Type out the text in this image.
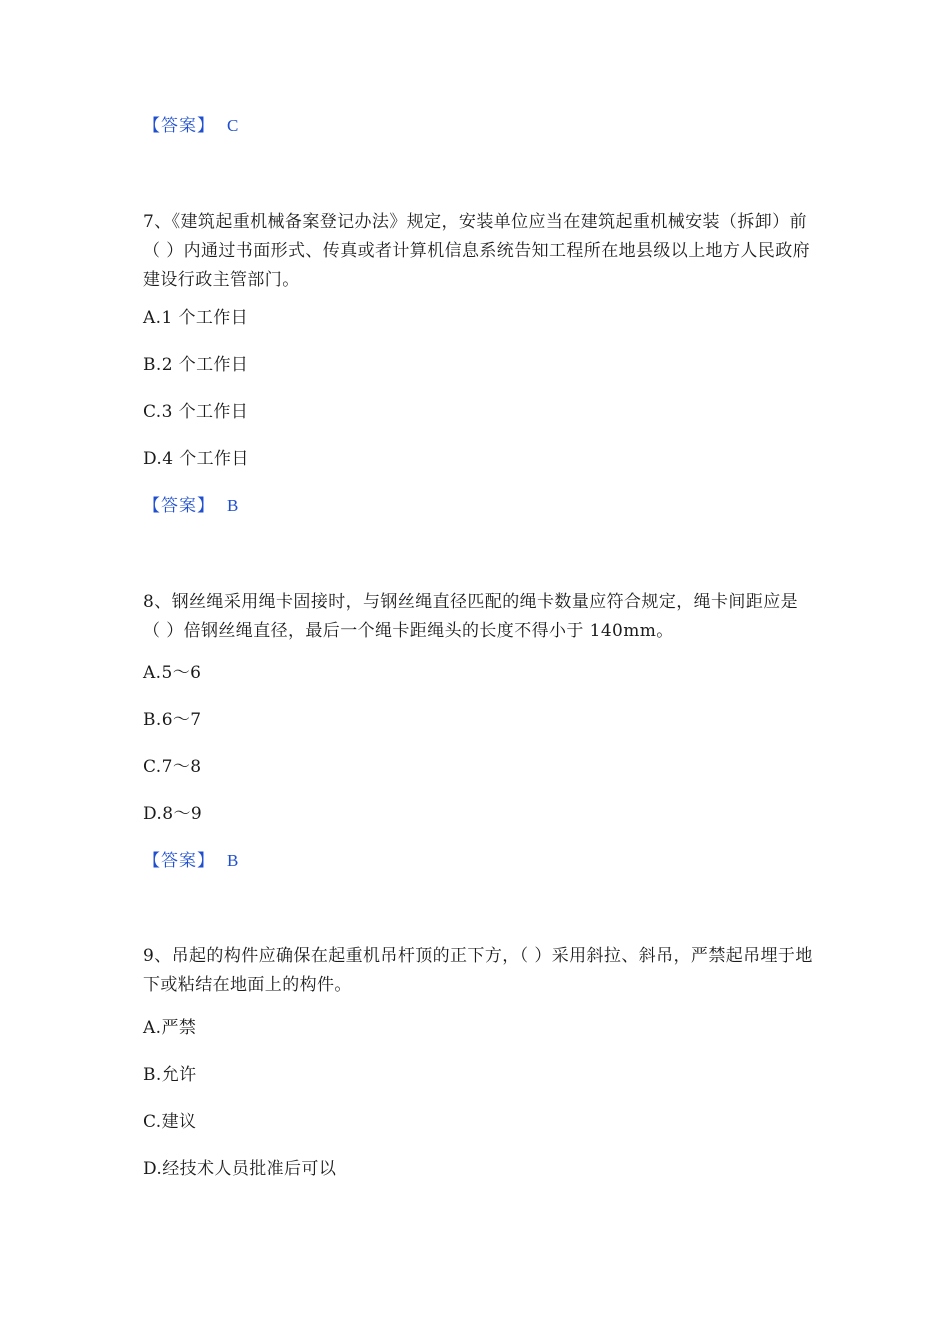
【答案】 C
7、《建筑起重机械备案登记办法》规定，安装单位应当在建筑起重机械安装（拆卸）前（ ）内通过书面形式、传真或者计算机信息系统告知工程所在地县级以上地方人民政府建设行政主管部门。
A.1 个工作日
B.2 个工作日
C.3 个工作日
D.4 个工作日
【答案】 B
8、钢丝绳采用绳卡固接时，与钢丝绳直径匹配的绳卡数量应符合规定，绳卡间距应是（ ）倍钢丝绳直径，最后一个绳卡距绳头的长度不得小于 140mm。
A.5～6
B.6～7
C.7～8
D.8～9
【答案】 B
9、吊起的构件应确保在起重机吊杆顶的正下方，（ ）采用斜拉、斜吊，严禁起吊埋于地下或粘结在地面上的构件。
A.严禁
B.允许
C.建议
D.经技术人员批准后可以
